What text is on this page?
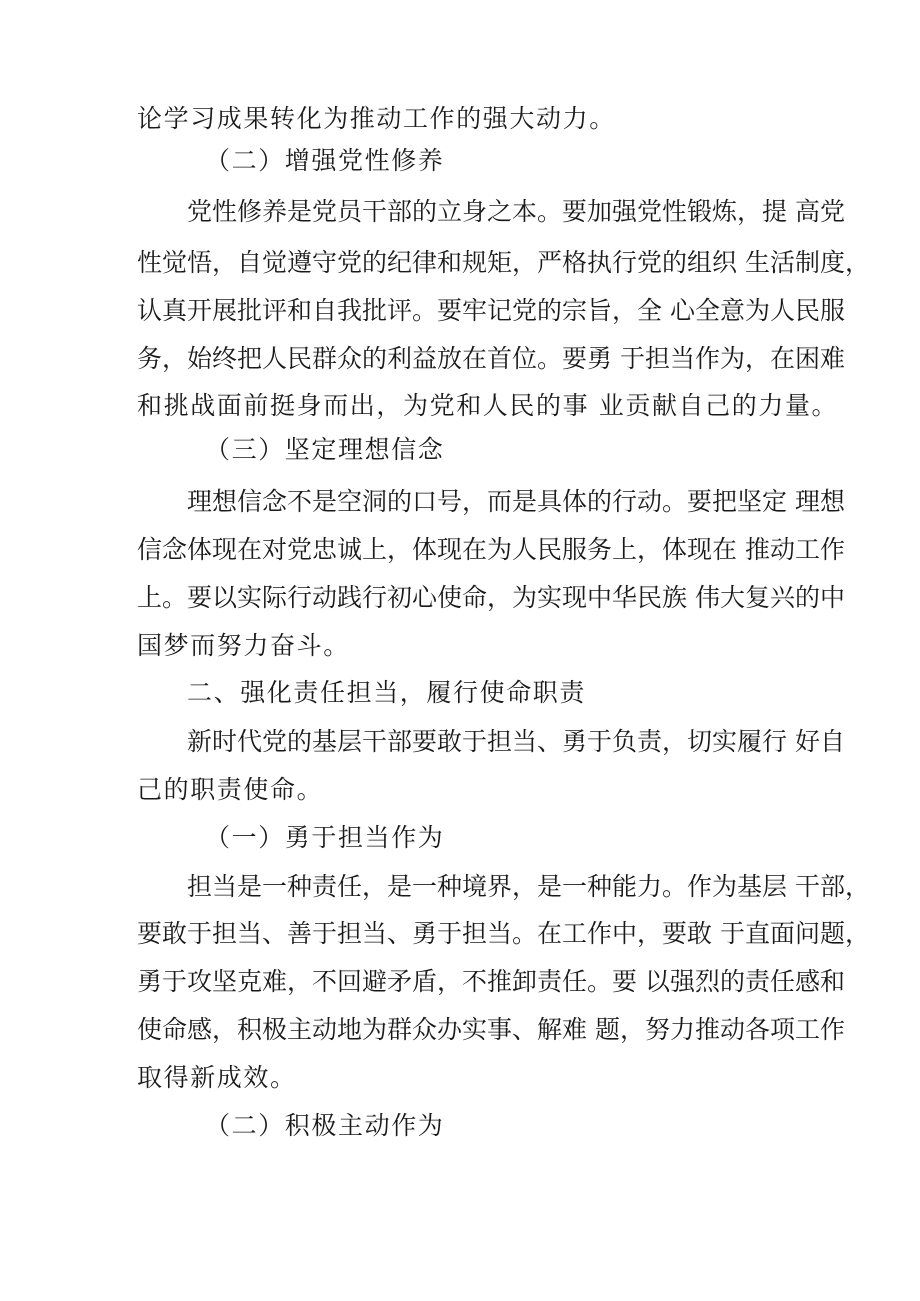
论学习成果转化为推动工作的强大动力。
（二）增强党性修养
党性修养是党员干部的立身之本。要加强党性锻炼，提 高党
性觉悟，自觉遵守党的纪律和规矩，严格执行党的组织 生活制度，
认真开展批评和自我批评。要牢记党的宗旨，全 心全意为人民服
务，始终把人民群众的利益放在首位。要勇 于担当作为，在困难
和挑战面前挺身而出，为党和人民的事 业贡献自己的力量。
（三）坚定理想信念
理想信念不是空洞的口号，而是具体的行动。要把坚定 理想
信念体现在对党忠诚上，体现在为人民服务上，体现在 推动工作
上。要以实际行动践行初心使命，为实现中华民族 伟大复兴的中
国梦而努力奋斗。
二、强化责任担当，履行使命职责
新时代党的基层干部要敢于担当、勇于负责，切实履行 好自
己的职责使命。
（一）勇于担当作为
担当是一种责任，是一种境界，是一种能力。作为基层 干部，
要敢于担当、善于担当、勇于担当。在工作中，要敢 于直面问题，
勇于攻坚克难，不回避矛盾，不推卸责任。要 以强烈的责任感和
使命感，积极主动地为群众办实事、解难 题，努力推动各项工作
取得新成效。
（二）积极主动作为
